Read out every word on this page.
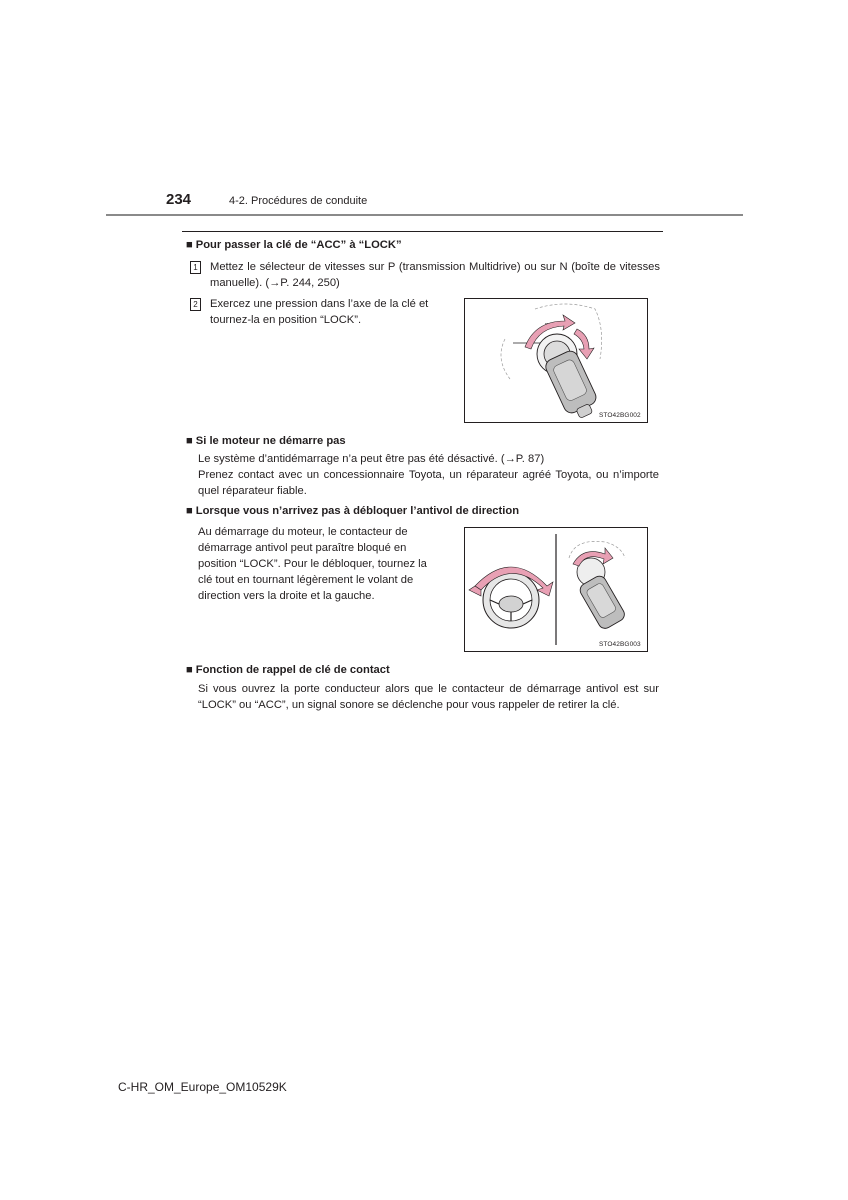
234	4-2. Procédures de conduite
■ Pour passer la clé de “ACC” à “LOCK”
1 Mettez le sélecteur de vitesses sur P (transmission Multidrive) ou sur N (boîte de vitesses manuelle). (→P. 244, 250)
2 Exercez une pression dans l’axe de la clé et
tournez-la en position “LOCK”.
STO42BG002
■ Si le moteur ne démarre pas
Le système d’antidémarrage n’a peut être pas été désactivé. (→P. 87)
Prenez contact avec un concessionnaire Toyota, un réparateur agréé Toyota, ou n’importe quel réparateur fiable.
■ Lorsque vous n’arrivez pas à débloquer l’antivol de direction
Au démarrage du moteur, le contacteur de
démarrage antivol peut paraître bloqué en
position “LOCK”. Pour le débloquer, tournez la
clé tout en tournant légèrement le volant de
direction vers la droite et la gauche.
STO42BG003
■ Fonction de rappel de clé de contact
Si vous ouvrez la porte conducteur alors que le contacteur de démarrage antivol est sur “LOCK” ou “ACC”, un signal sonore se déclenche pour vous rappeler de retirer la clé.
C-HR_OM_Europe_OM10529K
